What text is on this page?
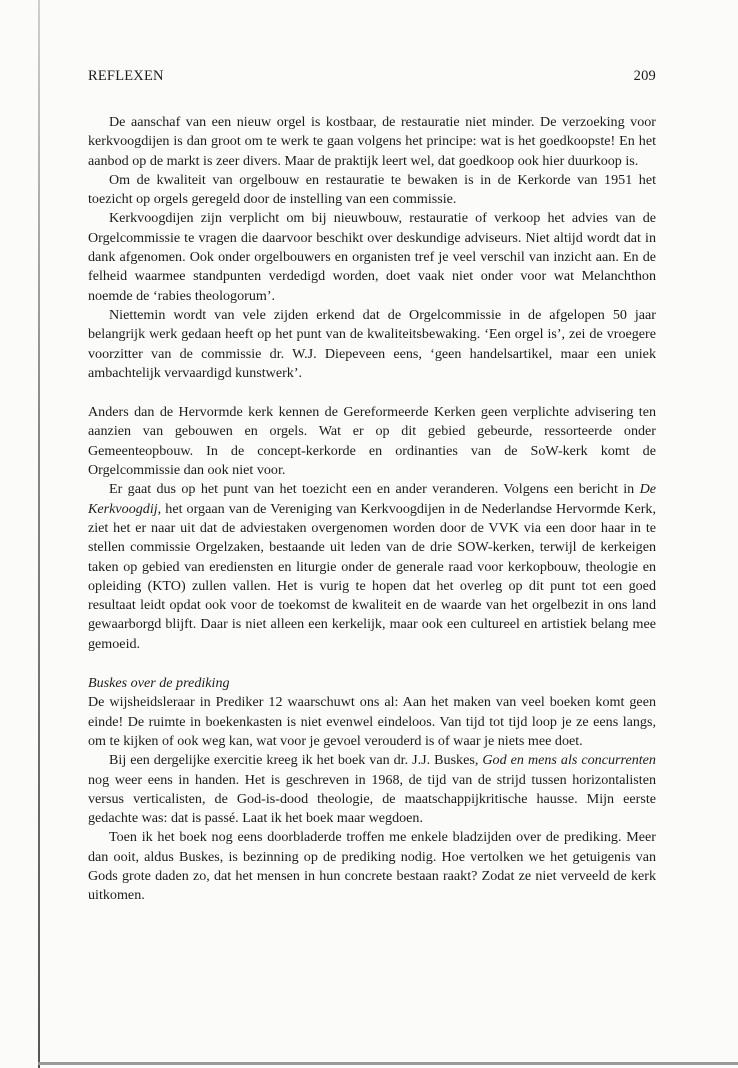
REFLEXEN	209

De aanschaf van een nieuw orgel is kostbaar, de restauratie niet minder. De verzoeking voor kerkvoogdijen is dan groot om te werk te gaan volgens het principe: wat is het goedkoopste! En het aanbod op de markt is zeer divers. Maar de praktijk leert wel, dat goedkoop ook hier duurkoop is.

Om de kwaliteit van orgelbouw en restauratie te bewaken is in de Kerkorde van 1951 het toezicht op orgels geregeld door de instelling van een commissie.

Kerkvoogdijen zijn verplicht om bij nieuwbouw, restauratie of verkoop het advies van de Orgelcommissie te vragen die daarvoor beschikt over deskundige adviseurs. Niet altijd wordt dat in dank afgenomen. Ook onder orgelbouwers en organisten tref je veel verschil van inzicht aan. En de felheid waarmee standpunten verdedigd worden, doet vaak niet onder voor wat Melanchthon noemde de ‘rabies theologorum’.

Niettemin wordt van vele zijden erkend dat de Orgelcommissie in de afgelopen 50 jaar belangrijk werk gedaan heeft op het punt van de kwaliteitsbewaking. ‘Een orgel is’, zei de vroegere voorzitter van de commissie dr. W.J. Diepeveen eens, ‘geen handelsartikel, maar een uniek ambachtelijk vervaardigd kunstwerk’.

Anders dan de Hervormde kerk kennen de Gereformeerde Kerken geen verplichte advisering ten aanzien van gebouwen en orgels. Wat er op dit gebied gebeurde, ressorteerde onder Gemeenteopbouw. In de concept-kerkorde en ordinanties van de SoW-kerk komt de Orgelcommissie dan ook niet voor.

Er gaat dus op het punt van het toezicht een en ander veranderen. Volgens een bericht in De Kerkvoogdij, het orgaan van de Vereniging van Kerkvoogdijen in de Nederlandse Hervormde Kerk, ziet het er naar uit dat de adviestaken overgenomen worden door de VVK via een door haar in te stellen commissie Orgelzaken, bestaande uit leden van de drie SOW-kerken, terwijl de kerkeigen taken op gebied van erediensten en liturgie onder de generale raad voor kerkopbouw, theologie en opleiding (KTO) zullen vallen. Het is vurig te hopen dat het overleg op dit punt tot een goed resultaat leidt opdat ook voor de toekomst de kwaliteit en de waarde van het orgelbezit in ons land gewaarborgd blijft. Daar is niet alleen een kerkelijk, maar ook een cultureel en artistiek belang mee gemoeid.

Buskes over de prediking

De wijsheidsleraar in Prediker 12 waarschuwt ons al: Aan het maken van veel boeken komt geen einde! De ruimte in boekenkasten is niet evenwel eindeloos. Van tijd tot tijd loop je ze eens langs, om te kijken of ook weg kan, wat voor je gevoel verouderd is of waar je niets mee doet.

Bij een dergelijke exercitie kreeg ik het boek van dr. J.J. Buskes, God en mens als concurrenten nog weer eens in handen. Het is geschreven in 1968, de tijd van de strijd tussen horizontalisten versus verticalisten, de God-is-dood theologie, de maatschappijkritische hausse. Mijn eerste gedachte was: dat is passé. Laat ik het boek maar wegdoen.

Toen ik het boek nog eens doorbladerde troffen me enkele bladzijden over de prediking. Meer dan ooit, aldus Buskes, is bezinning op de prediking nodig. Hoe vertolken we het getuigenis van Gods grote daden zo, dat het mensen in hun concrete bestaan raakt? Zodat ze niet verveeld de kerk uitkomen.
